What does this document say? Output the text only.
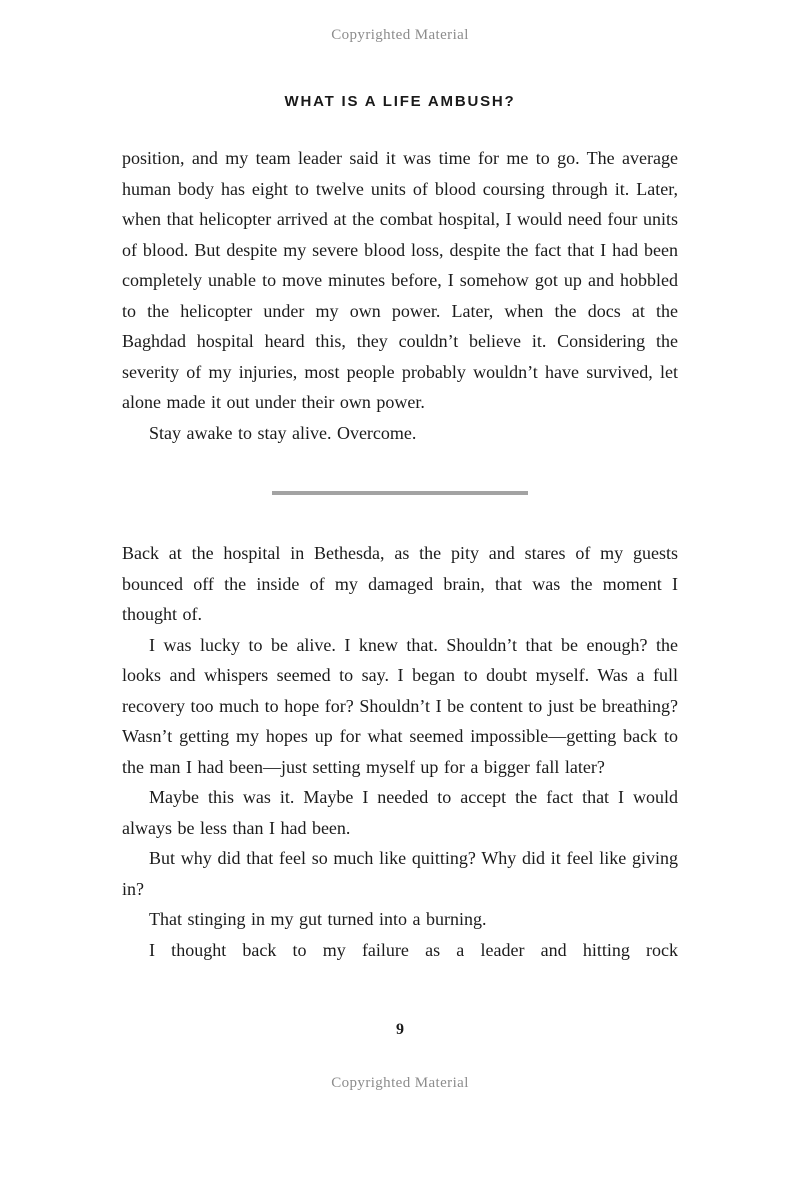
Copyrighted Material
WHAT IS A LIFE AMBUSH?

position, and my team leader said it was time for me to go. The average human body has eight to twelve units of blood coursing through it. Later, when that helicopter arrived at the combat hospital, I would need four units of blood. But despite my severe blood loss, despite the fact that I had been completely unable to move minutes before, I somehow got up and hobbled to the helicopter under my own power. Later, when the docs at the Baghdad hospital heard this, they couldn’t believe it. Considering the severity of my injuries, most people probably wouldn’t have survived, let alone made it out under their own power.

Stay awake to stay alive. Overcome.

Back at the hospital in Bethesda, as the pity and stares of my guests bounced off the inside of my damaged brain, that was the moment I thought of.

I was lucky to be alive. I knew that. Shouldn’t that be enough? the looks and whispers seemed to say. I began to doubt myself. Was a full recovery too much to hope for? Shouldn’t I be content to just be breathing? Wasn’t getting my hopes up for what seemed impossible—getting back to the man I had been—just setting myself up for a bigger fall later?

Maybe this was it. Maybe I needed to accept the fact that I would always be less than I had been.

But why did that feel so much like quitting? Why did it feel like giving in?

That stinging in my gut turned into a burning.

I thought back to my failure as a leader and hitting rock

9
Copyrighted Material
